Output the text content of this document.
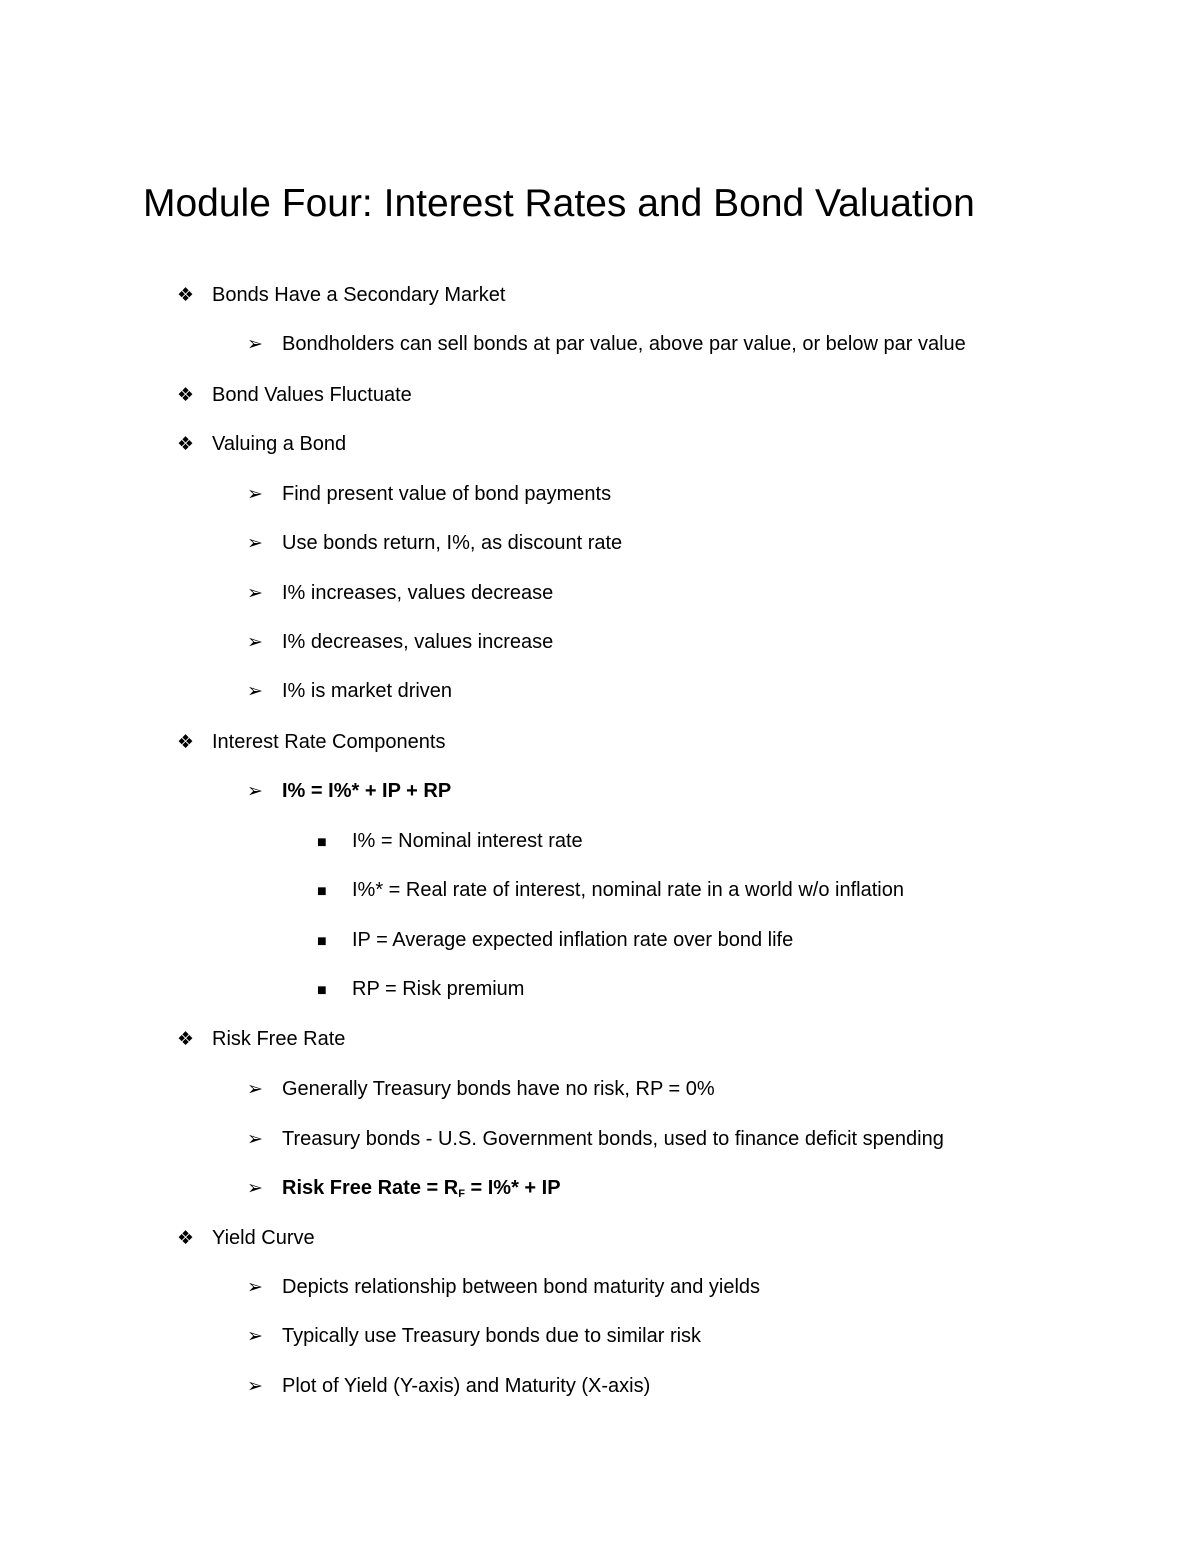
Module Four: Interest Rates and Bond Valuation
❖ Bonds Have a Secondary Market
➢ Bondholders can sell bonds at par value, above par value, or below par value
❖ Bond Values Fluctuate
❖ Valuing a Bond
➢ Find present value of bond payments
➢ Use bonds return, I%, as discount rate
➢ I% increases, values decrease
➢ I% decreases, values increase
➢ I% is market driven
❖ Interest Rate Components
➢ I% = I%* + IP + RP
■ I% = Nominal interest rate
■ I%* = Real rate of interest, nominal rate in a world w/o inflation
■ IP = Average expected inflation rate over bond life
■ RP = Risk premium
❖ Risk Free Rate
➢ Generally Treasury bonds have no risk, RP = 0%
➢ Treasury bonds - U.S. Government bonds, used to finance deficit spending
➢ Risk Free Rate = $R_F = I\%*$ + IP
❖ Yield Curve
➢ Depicts relationship between bond maturity and yields
➢ Typically use Treasury bonds due to similar risk
➢ Plot of Yield (Y-axis) and Maturity (X-axis)
